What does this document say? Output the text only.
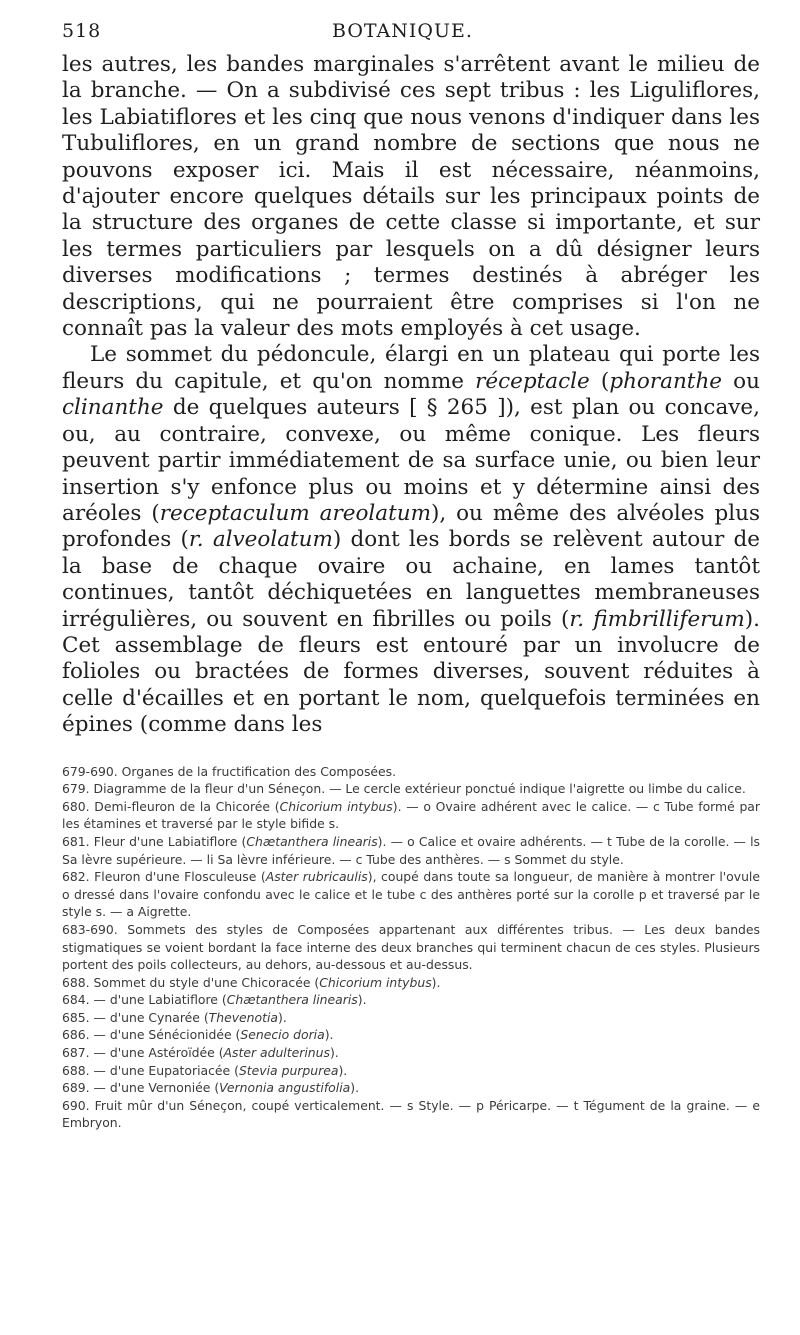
518	BOTANIQUE.

les autres, les bandes marginales s'arrêtent avant le milieu de la branche. — On a subdivisé ces sept tribus : les Liguliflores, les Labiatiflores et les cinq que nous venons d'indiquer dans les Tubuliflores, en un grand nombre de sections que nous ne pouvons exposer ici. Mais il est nécessaire, néanmoins, d'ajouter encore quelques détails sur les principaux points de la structure des organes de cette classe si importante, et sur les termes particuliers par lesquels on a dû désigner leurs diverses modifications ; termes destinés à abréger les descriptions, qui ne pourraient être comprises si l'on ne connaît pas la valeur des mots employés à cet usage.

Le sommet du pédoncule, élargi en un plateau qui porte les fleurs du capitule, et qu'on nomme réceptacle (phoranthe ou clinanthe de quelques auteurs [ § 265 ]), est plan ou concave, ou, au contraire, convexe, ou même conique. Les fleurs peuvent partir immédiatement de sa surface unie, ou bien leur insertion s'y enfonce plus ou moins et y détermine ainsi des aréoles (receptaculum areolatum), ou même des alvéoles plus profondes (r. alveolatum) dont les bords se relèvent autour de la base de chaque ovaire ou achaine, en lames tantôt continues, tantôt déchiquetées en languettes membraneuses irrégulières, ou souvent en fibrilles ou poils (r. fimbrilliferum). Cet assemblage de fleurs est entouré par un involucre de folioles ou bractées de formes diverses, souvent réduites à celle d'écailles et en portant le nom, quelquefois terminées en épines (comme dans les

679-690. Organes de la fructification des Composées.

679. Diagramme de la fleur d'un Séneçon. — Le cercle extérieur ponctué indique l'aigrette ou limbe du calice.

680. Demi-fleuron de la Chicorée (Chicorium intybus). — o Ovaire adhérent avec le calice. — c Tube formé par les étamines et traversé par le style bifide s.

681. Fleur d'une Labiatiflore (Chætanthera linearis). — o Calice et ovaire adhérents. — t Tube de la corolle. — ls Sa lèvre supérieure. — li Sa lèvre inférieure. — c Tube des anthères. — s Sommet du style.

682. Fleuron d'une Flosculeuse (Aster rubricaulis), coupé dans toute sa longueur, de manière à montrer l'ovule o dressé dans l'ovaire confondu avec le calice et le tube c des anthères porté sur la corolle p et traversé par le style s. — a Aigrette.

683-690. Sommets des styles de Composées appartenant aux différentes tribus. — Les deux bandes stigmatiques se voient bordant la face interne des deux branches qui terminent chacun de ces styles. Plusieurs portent des poils collecteurs, au dehors, au-dessous et au-dessus.

688. Sommet du style d'une Chicoracée (Chicorium intybus).

684. — d'une Labiatiflore (Chætanthera linearis).

685. — d'une Cynarée (Thevenotia).

686. — d'une Sénécionidée (Senecio doria).

687. — d'une Astéroïdée (Aster adulterinus).

688. — d'une Eupatoriacée (Stevia purpurea).

689. — d'une Vernoniée (Vernonia angustifolia).

690. Fruit mûr d'un Séneçon, coupé verticalement. — s Style. — p Péricarpe. — t Tégument de la graine. — e Embryon.
